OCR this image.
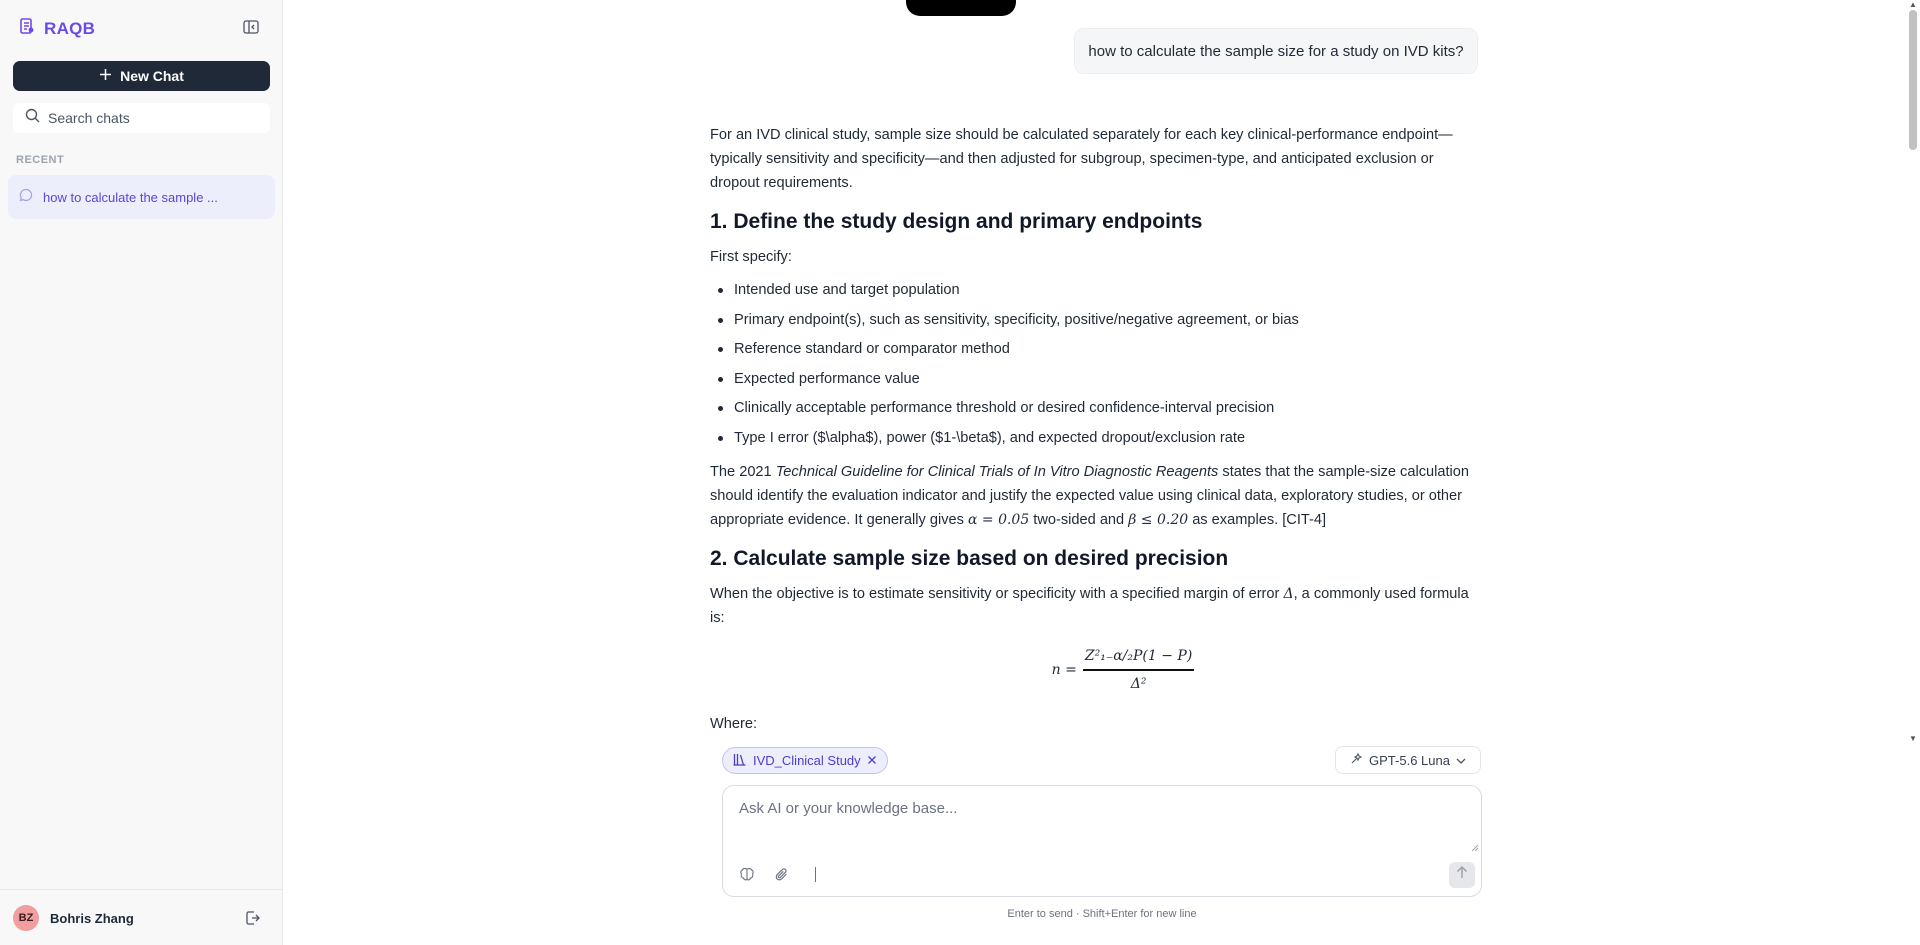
RAQB
New Chat
Search chats
RECENT
how to calculate the sample ...
BZ	Bohris Zhang
how to calculate the sample size for a study on IVD kits?

For an IVD clinical study, sample size should be calculated separately for each key clinical-performance endpoint—typically sensitivity and specificity—and then adjusted for subgroup, specimen-type, and anticipated exclusion or dropout requirements.

1. Define the study design and primary endpoints

First specify:

Intended use and target population
Primary endpoint(s), such as sensitivity, specificity, positive/negative agreement, or bias
Reference standard or comparator method
Expected performance value
Clinically acceptable performance threshold or desired confidence-interval precision
Type I error ($\alpha$), power ($1-\beta$), and expected dropout/exclusion rate

The 2021 Technical Guideline for Clinical Trials of In Vitro Diagnostic Reagents states that the sample-size calculation should identify the evaluation indicator and justify the expected value using clinical data, exploratory studies, or other appropriate evidence. It generally gives α = 0.05 two-sided and β ≤ 0.20 as examples. [CIT-4]

2. Calculate sample size based on desired precision

When the objective is to estimate sensitivity or specificity with a specified margin of error Δ, a commonly used formula is:

$n = \frac{\text{Z²₁₋α/₂P(1 − P)}}{\text{Δ²}}$

Where:

▲
▼
IVD_Clinical Study	GPT-5.6 Luna
Ask AI or your knowledge base...
Enter to send · Shift+Enter for new line
